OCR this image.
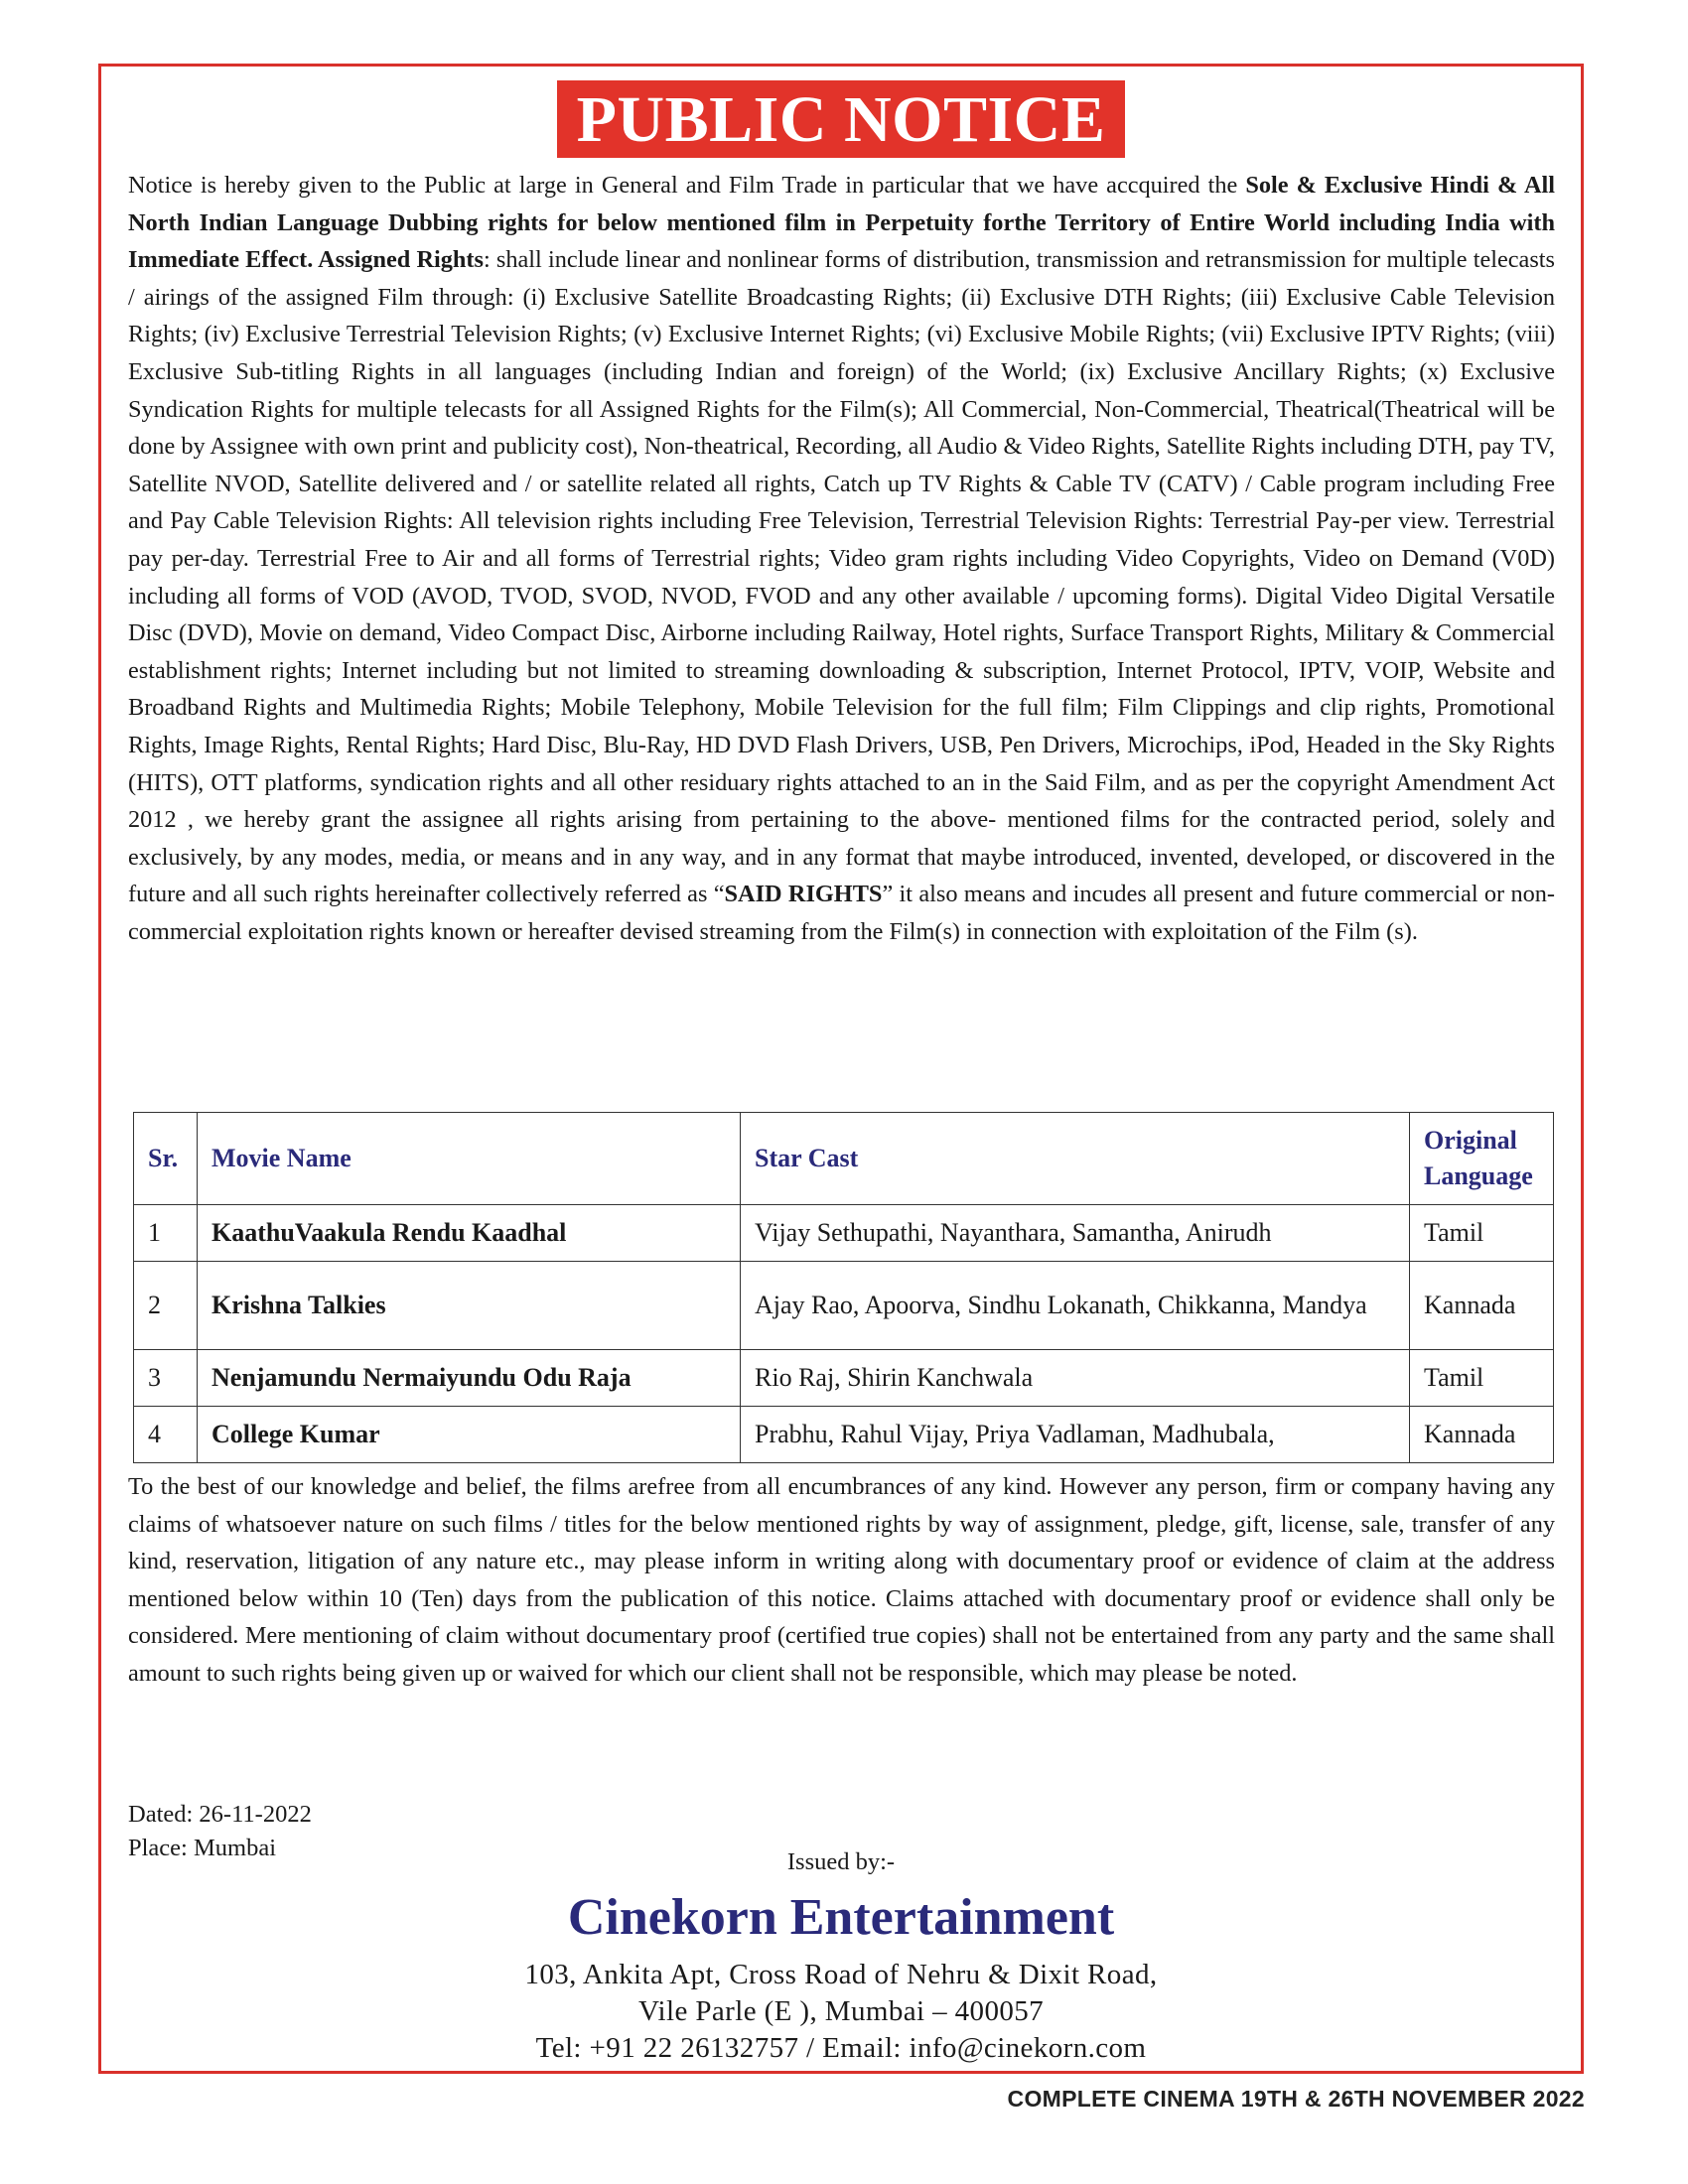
PUBLIC NOTICE

Notice is hereby given to the Public at large in General and Film Trade in particular that we have accquired the Sole & Exclusive Hindi & All North Indian Language Dubbing rights for below mentioned film in Perpetuity forthe Territory of Entire World including India with Immediate Effect. Assigned Rights: shall include linear and nonlinear forms of distribution, transmission and retransmission for multiple telecasts / airings of the assigned Film through: (i) Exclusive Satellite Broadcasting Rights; (ii) Exclusive DTH Rights; (iii) Exclusive Cable Television Rights; (iv) Exclusive Terrestrial Television Rights; (v) Exclusive Internet Rights; (vi) Exclusive Mobile Rights; (vii) Exclusive IPTV Rights; (viii) Exclusive Sub-titling Rights in all languages (including Indian and foreign) of the World; (ix) Exclusive Ancillary Rights; (x) Exclusive Syndication Rights for multiple telecasts for all Assigned Rights for the Film(s); All Commercial, Non-Commercial, Theatrical(Theatrical will be done by Assignee with own print and publicity cost), Non-theatrical, Recording, all Audio & Video Rights, Satellite Rights including DTH, pay TV, Satellite NVOD, Satellite delivered and / or satellite related all rights, Catch up TV Rights & Cable TV (CATV) / Cable program including Free and Pay Cable Television Rights: All television rights including Free Television, Terrestrial Television Rights: Terrestrial Pay-per view. Terrestrial pay per-day. Terrestrial Free to Air and all forms of Terrestrial rights; Video gram rights including Video Copyrights, Video on Demand (V0D) including all forms of VOD (AVOD, TVOD, SVOD, NVOD, FVOD and any other available / upcoming forms). Digital Video Digital Versatile Disc (DVD), Movie on demand, Video Compact Disc, Airborne including Railway, Hotel rights, Surface Transport Rights, Military & Commercial establishment rights; Internet including but not limited to streaming downloading & subscription, Internet Protocol, IPTV, VOIP, Website and Broadband Rights and Multimedia Rights; Mobile Telephony, Mobile Television for the full film; Film Clippings and clip rights, Promotional Rights, Image Rights, Rental Rights; Hard Disc, Blu-Ray, HD DVD Flash Drivers, USB, Pen Drivers, Microchips, iPod, Headed in the Sky Rights (HITS), OTT platforms, syndication rights and all other residuary rights attached to an in the Said Film, and as per the copyright Amendment Act 2012 , we hereby grant the assignee all rights arising from pertaining to the above- mentioned films for the contracted period, solely and exclusively, by any modes, media, or means and in any way, and in any format that maybe introduced, invented, developed, or discovered in the future and all such rights hereinafter collectively referred as “SAID RIGHTS” it also means and incudes all present and future commercial or non-commercial exploitation rights known or hereafter devised streaming from the Film(s) in connection with exploitation of the Film (s).

Sr.	Movie Name	Star Cast	Original Language
1	KaathuVaakula Rendu Kaadhal	Vijay Sethupathi, Nayanthara, Samantha, Anirudh	Tamil
2	Krishna Talkies	Ajay Rao, Apoorva, Sindhu Lokanath, Chikkanna, Mandya	Kannada
3	Nenjamundu Nermaiyundu Odu Raja	Rio Raj, Shirin Kanchwala	Tamil
4	College Kumar	Prabhu, Rahul Vijay, Priya Vadlaman, Madhubala,	Kannada

To the best of our knowledge and belief, the films arefree from all encumbrances of any kind. However any person, firm or company having any claims of whatsoever nature on such films / titles for the below mentioned rights by way of assignment, pledge, gift, license, sale, transfer of any kind, reservation, litigation of any nature etc., may please inform in writing along with documentary proof or evidence of claim at the address mentioned below within 10 (Ten) days from the publication of this notice. Claims attached with documentary proof or evidence shall only be considered. Mere mentioning of claim without documentary proof (certified true copies) shall not be entertained from any party and the same shall amount to such rights being given up or waived for which our client shall not be responsible, which may please be noted.

Dated: 26-11-2022
Place: Mumbai
Issued by:-
Cinekorn Entertainment
103, Ankita Apt, Cross Road of Nehru & Dixit Road,
Vile Parle (E ), Mumbai – 400057
Tel: +91 22 26132757 / Email: info@cinekorn.com
COMPLETE CINEMA 19TH & 26TH NOVEMBER 2022
